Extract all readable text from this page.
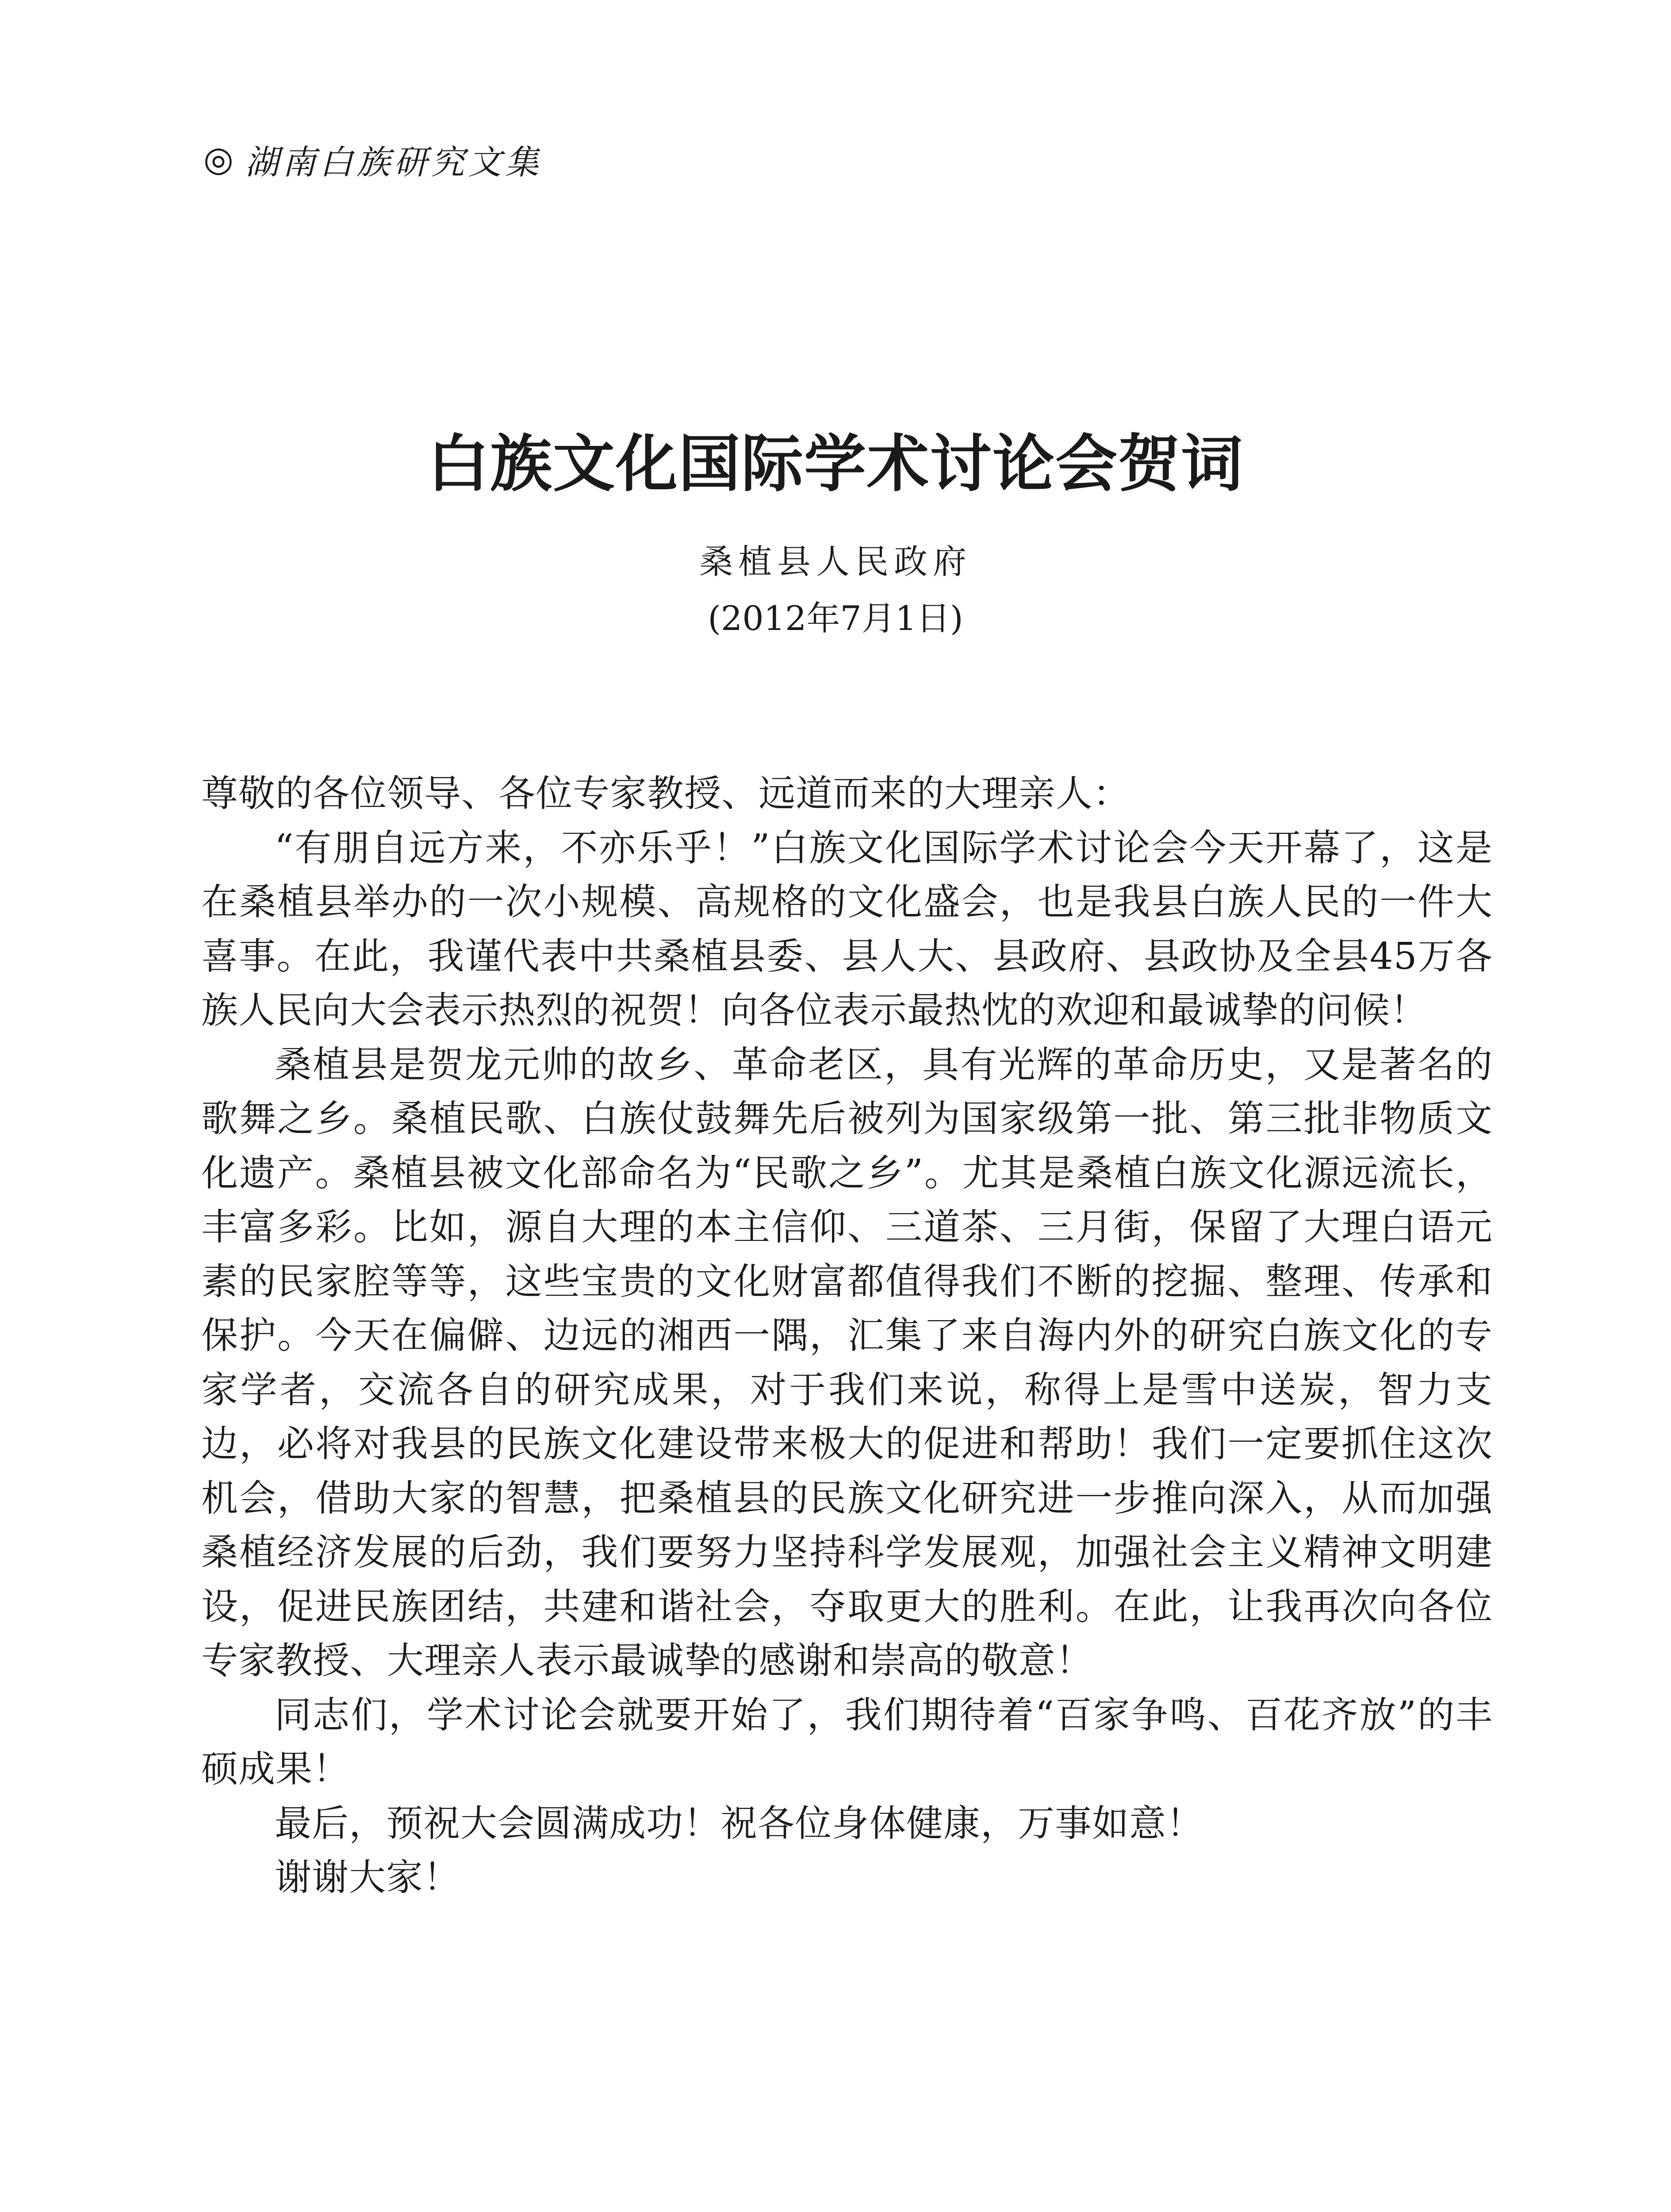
◎ 湖南白族研究文集
白族文化国际学术讨论会贺词
桑植县人民政府
(2012年7月1日)

尊敬的各位领导、各位专家教授、远道而来的大理亲人：

“有朋自远方来，不亦乐乎！”白族文化国际学术讨论会今天开幕了，这是在桑植县举办的一次小规模、高规格的文化盛会，也是我县白族人民的一件大喜事。在此，我谨代表中共桑植县委、县人大、县政府、县政协及全县45万各族人民向大会表示热烈的祝贺！向各位表示最热忱的欢迎和最诚挚的问候！

桑植县是贺龙元帅的故乡、革命老区，具有光辉的革命历史，又是著名的歌舞之乡。桑植民歌、白族仗鼓舞先后被列为国家级第一批、第三批非物质文化遗产。桑植县被文化部命名为“民歌之乡”。尤其是桑植白族文化源远流长，丰富多彩。比如，源自大理的本主信仰、三道茶、三月街，保留了大理白语元素的民家腔等等，这些宝贵的文化财富都值得我们不断的挖掘、整理、传承和保护。今天在偏僻、边远的湘西一隅，汇集了来自海内外的研究白族文化的专家学者，交流各自的研究成果，对于我们来说，称得上是雪中送炭，智力支边，必将对我县的民族文化建设带来极大的促进和帮助！我们一定要抓住这次机会，借助大家的智慧，把桑植县的民族文化研究进一步推向深入，从而加强桑植经济发展的后劲，我们要努力坚持科学发展观，加强社会主义精神文明建设，促进民族团结，共建和谐社会，夺取更大的胜利。在此，让我再次向各位专家教授、大理亲人表示最诚挚的感谢和崇高的敬意！

同志们，学术讨论会就要开始了，我们期待着“百家争鸣、百花齐放”的丰硕成果！

最后，预祝大会圆满成功！祝各位身体健康，万事如意！

谢谢大家！
